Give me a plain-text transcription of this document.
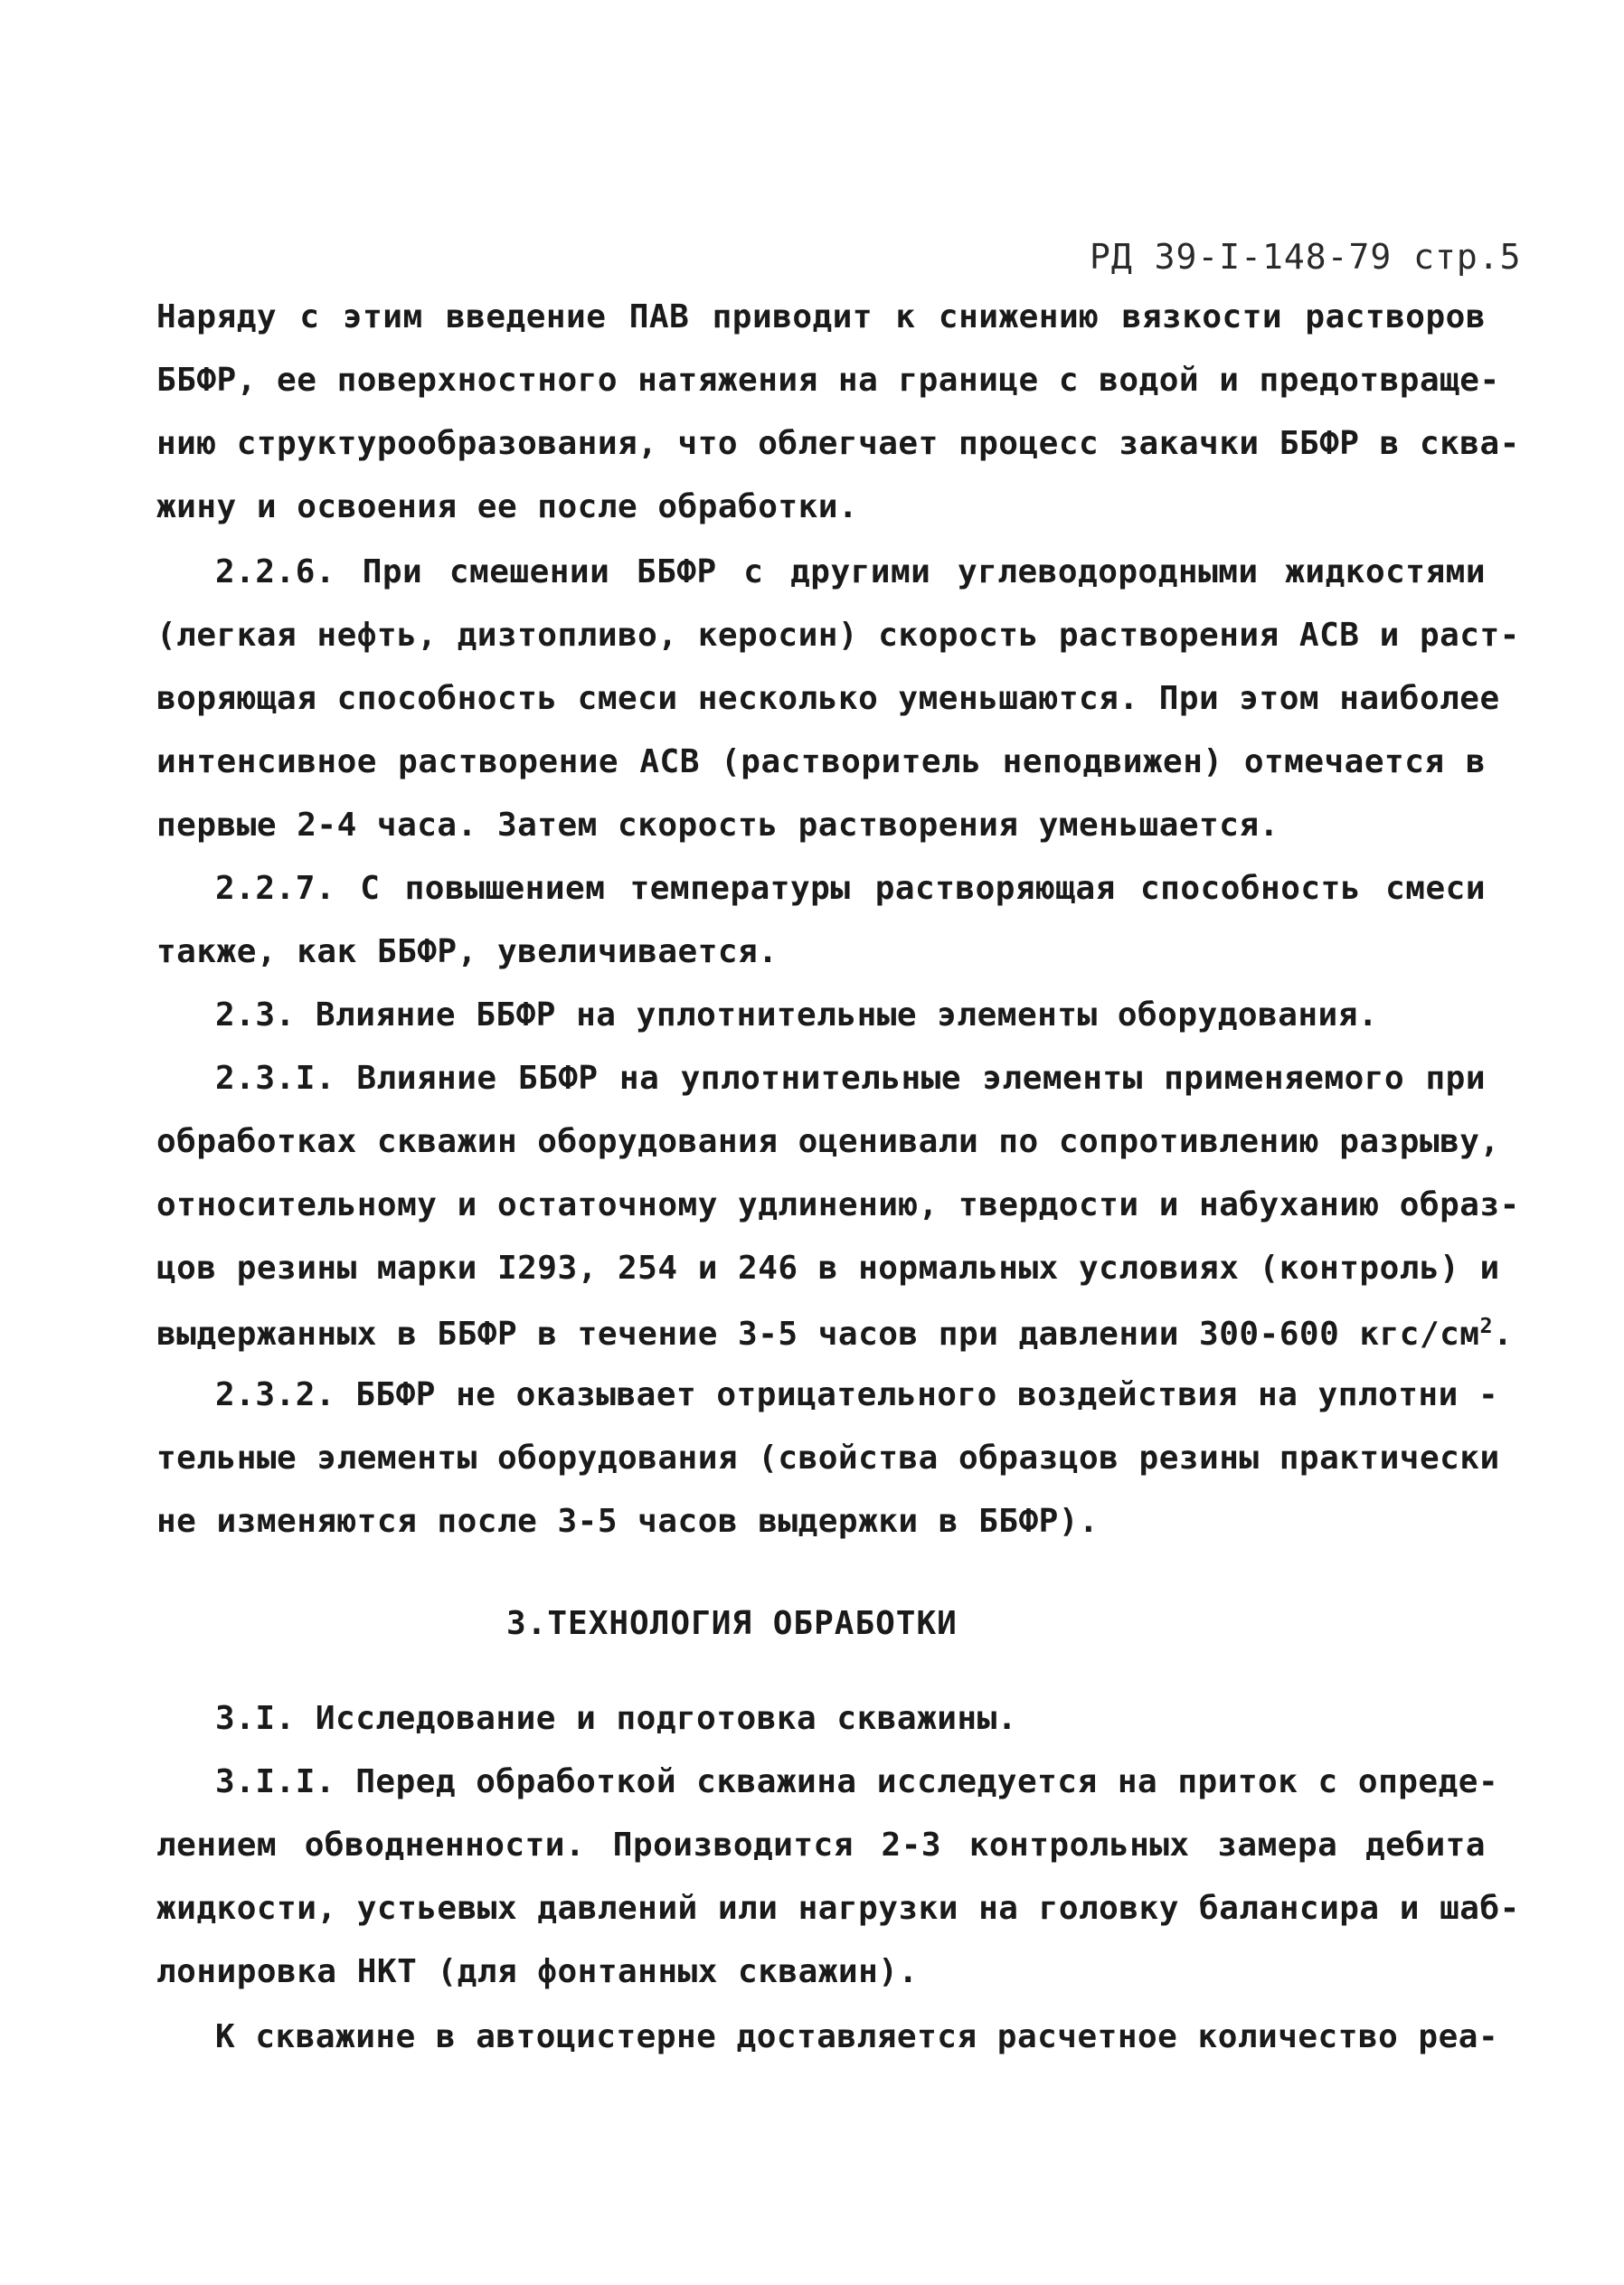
РД 39-I-148-79 стр.5
Наряду с этим введение ПАВ приводит к снижению вязкости растворов
ББФР, ее поверхностного натяжения на границе с водой и предотвраще-
нию структурообразования, что облегчает процесс закачки ББФР в сква-
жину и освоения ее после обработки.
2.2.6. При смешении ББФР с другими углеводородными жидкостями
(легкая нефть, дизтопливо, керосин) скорость растворения АСВ и раст-
воряющая способность смеси несколько уменьшаются. При этом наиболее
интенсивное растворение АСВ (растворитель неподвижен) отмечается в
первые 2-4 часа. Затем скорость растворения уменьшается.
2.2.7. С повышением температуры растворяющая способность смеси
также, как ББФР, увеличивается.
2.3. Влияние ББФР на уплотнительные элементы оборудования.
2.3.I. Влияние ББФР на уплотнительные элементы применяемого при
обработках скважин оборудования оценивали по сопротивлению разрыву,
относительному и остаточному удлинению, твердости и набуханию образ-
цов резины марки I293, 254 и 246 в нормальных условиях (контроль) и
выдержанных в ББФР в течение 3-5 часов при давлении 300-600 кгс/$см^2$.
2.3.2. ББФР не оказывает отрицательного воздействия на уплотни -
тельные элементы оборудования (свойства образцов резины практически
не изменяются после 3-5 часов выдержки в ББФР).
3.ТЕХНОЛОГИЯ ОБРАБОТКИ
3.I. Исследование и подготовка скважины.
3.I.I. Перед обработкой скважина исследуется на приток с опреде-
лением обводненности. Производится 2-3 контрольных замера дебита
жидкости, устьевых давлений или нагрузки на головку балансира и шаб-
лонировка НКТ (для фонтанных скважин).
К скважине в автоцистерне доставляется расчетное количество реа-
